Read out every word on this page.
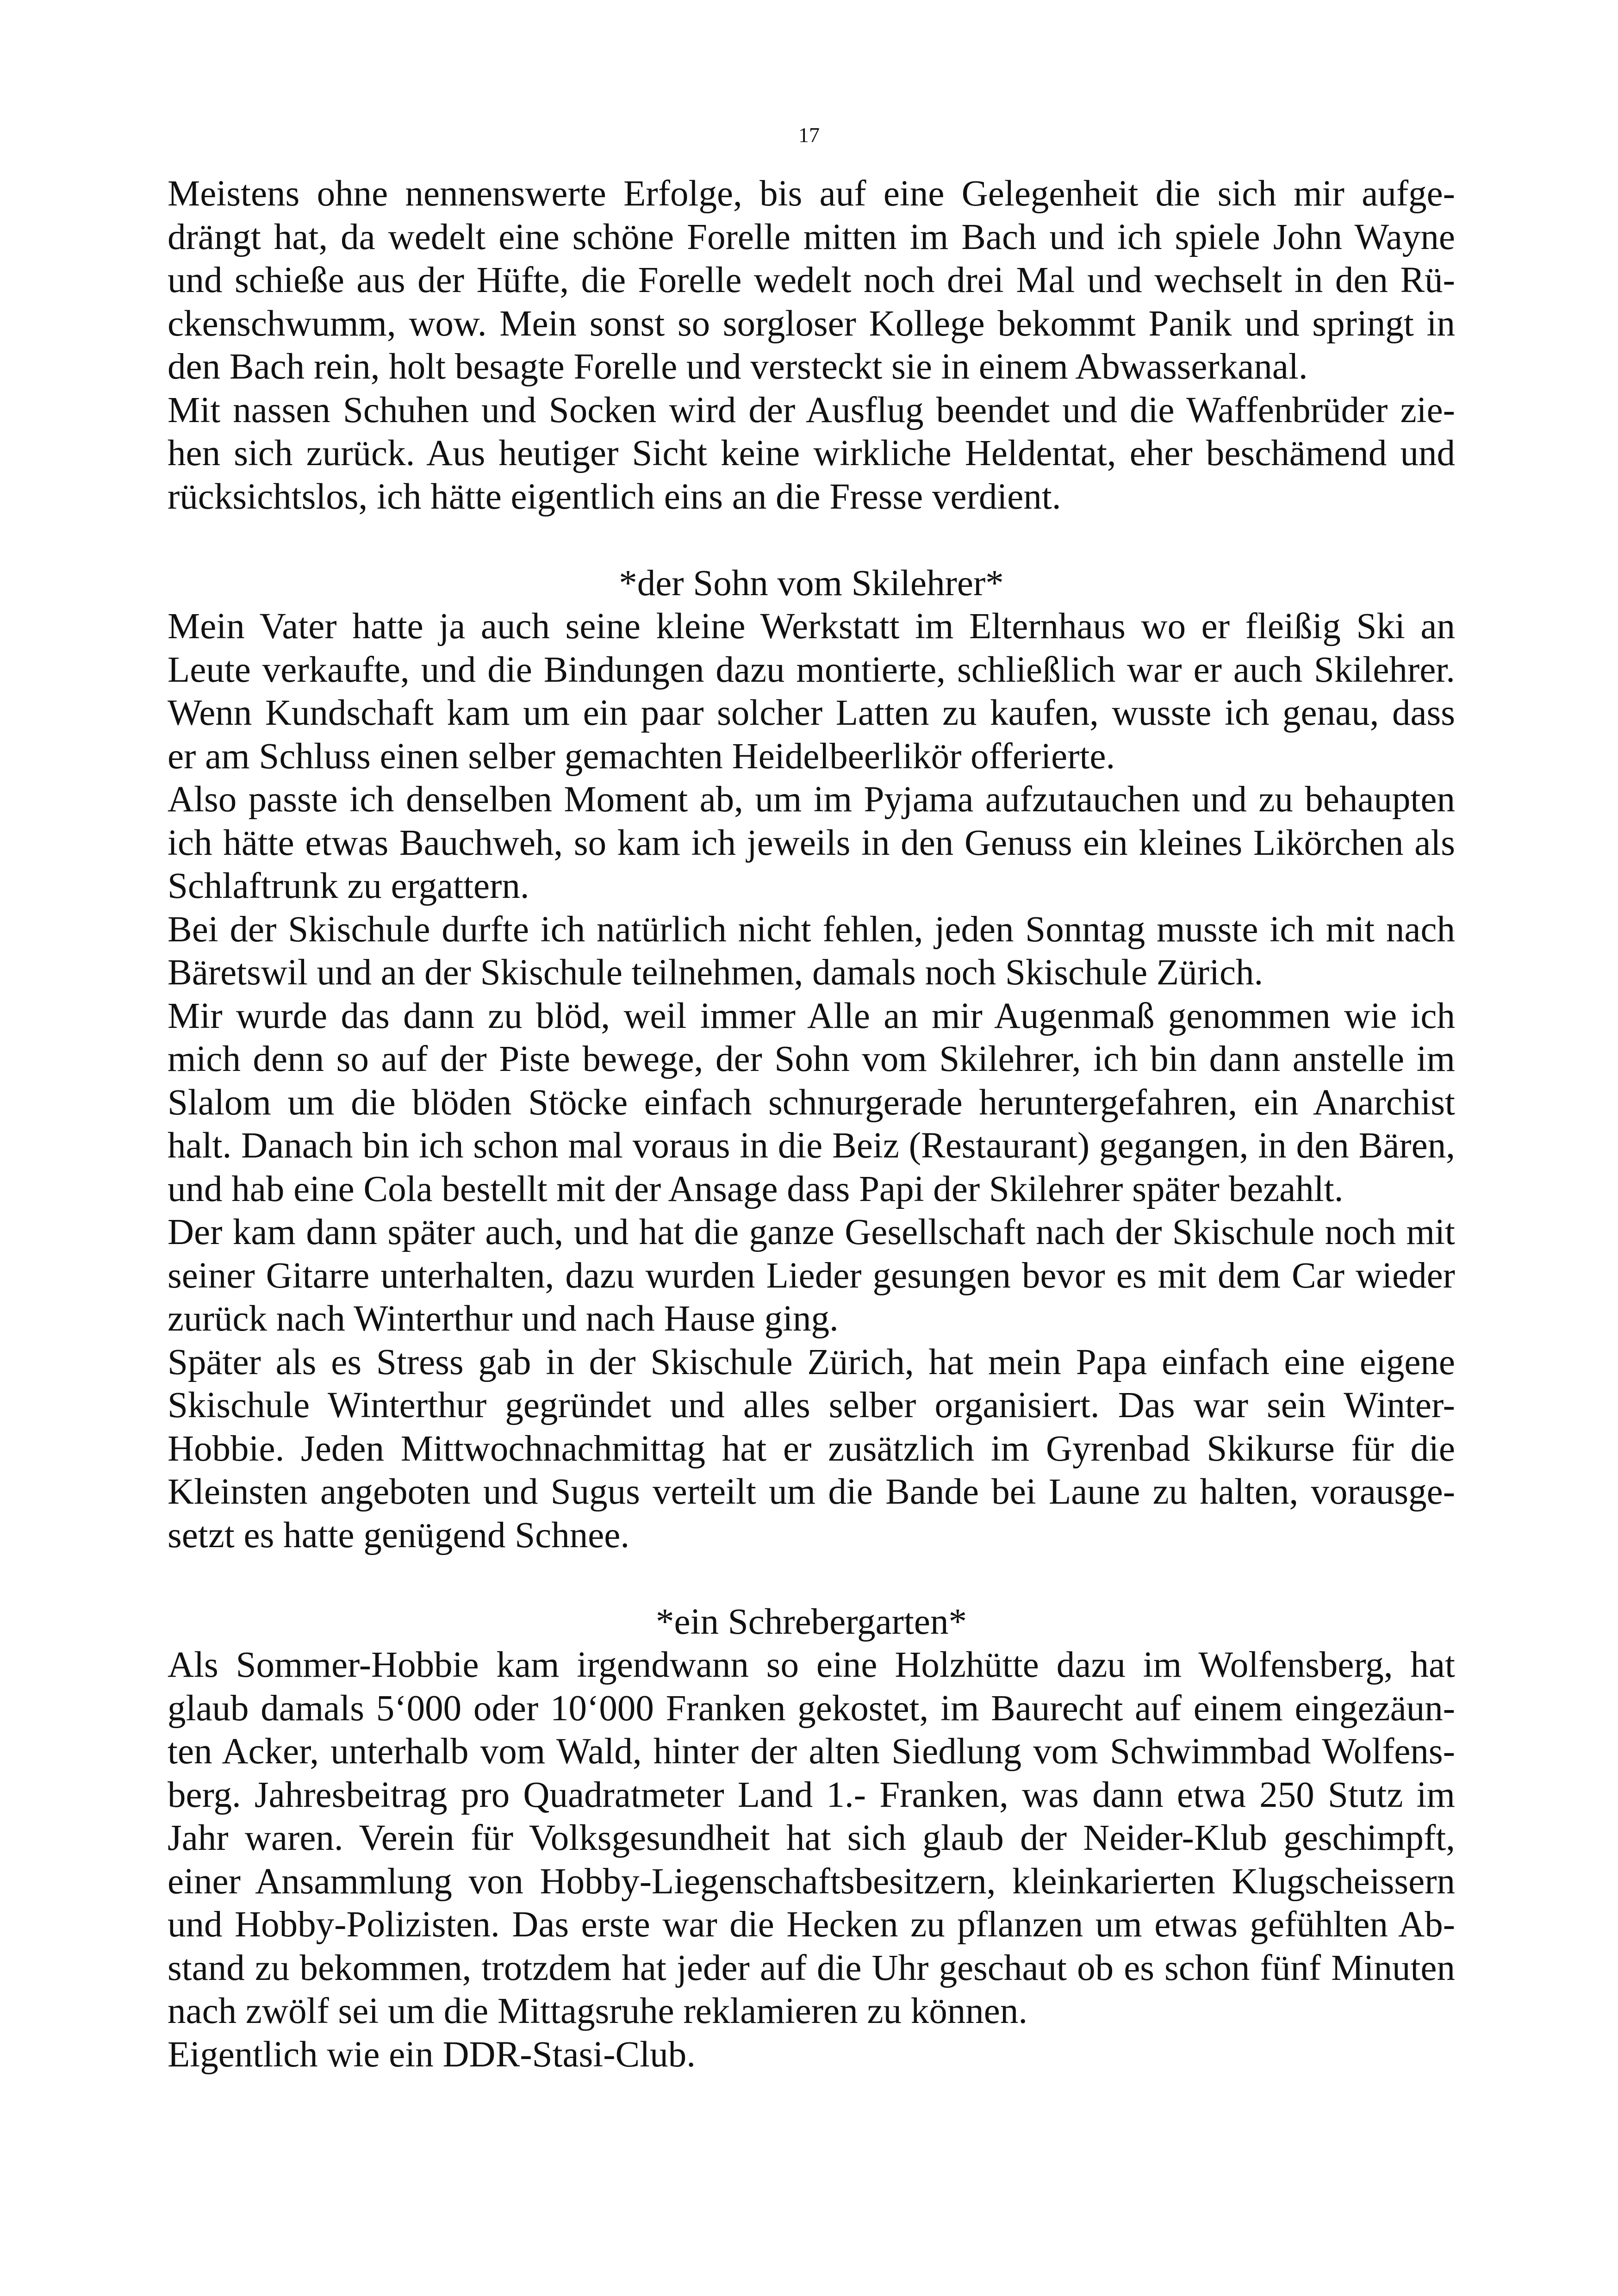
17
Meistens ohne nennenswerte Erfolge, bis auf eine Gelegenheit die sich mir aufge-
drängt hat, da wedelt eine schöne Forelle mitten im Bach und ich spiele John Wayne
und schieße aus der Hüfte, die Forelle wedelt noch drei Mal und wechselt in den Rü-
ckenschwumm, wow. Mein sonst so sorgloser Kollege bekommt Panik und springt in
den Bach rein, holt besagte Forelle und versteckt sie in einem Abwasserkanal.
Mit nassen Schuhen und Socken wird der Ausflug beendet und die Waffenbrüder zie-
hen sich zurück. Aus heutiger Sicht keine wirkliche Heldentat, eher beschämend und
rücksichtslos, ich hätte eigentlich eins an die Fresse verdient.
*der Sohn vom Skilehrer*
Mein Vater hatte ja auch seine kleine Werkstatt im Elternhaus wo er fleißig Ski an
Leute verkaufte, und die Bindungen dazu montierte, schließlich war er auch Skilehrer.
Wenn Kundschaft kam um ein paar solcher Latten zu kaufen, wusste ich genau, dass
er am Schluss einen selber gemachten Heidelbeerlikör offerierte.
Also passte ich denselben Moment ab, um im Pyjama aufzutauchen und zu behaupten
ich hätte etwas Bauchweh, so kam ich jeweils in den Genuss ein kleines Likörchen als
Schlaftrunk zu ergattern.
Bei der Skischule durfte ich natürlich nicht fehlen, jeden Sonntag musste ich mit nach
Bäretswil und an der Skischule teilnehmen, damals noch Skischule Zürich.
Mir wurde das dann zu blöd, weil immer Alle an mir Augenmaß genommen wie ich
mich denn so auf der Piste bewege, der Sohn vom Skilehrer, ich bin dann anstelle im
Slalom um die blöden Stöcke einfach schnurgerade heruntergefahren, ein Anarchist
halt. Danach bin ich schon mal voraus in die Beiz (Restaurant) gegangen, in den Bären,
und hab eine Cola bestellt mit der Ansage dass Papi der Skilehrer später bezahlt.
Der kam dann später auch, und hat die ganze Gesellschaft nach der Skischule noch mit
seiner Gitarre unterhalten, dazu wurden Lieder gesungen bevor es mit dem Car wieder
zurück nach Winterthur und nach Hause ging.
Später als es Stress gab in der Skischule Zürich, hat mein Papa einfach eine eigene
Skischule Winterthur gegründet und alles selber organisiert. Das war sein Winter-
Hobbie. Jeden Mittwochnachmittag hat er zusätzlich im Gyrenbad Skikurse für die
Kleinsten angeboten und Sugus verteilt um die Bande bei Laune zu halten, vorausge-
setzt es hatte genügend Schnee.
*ein Schrebergarten*
Als Sommer-Hobbie kam irgendwann so eine Holzhütte dazu im Wolfensberg, hat
glaub damals 5‘000 oder 10‘000 Franken gekostet, im Baurecht auf einem eingezäun-
ten Acker, unterhalb vom Wald, hinter der alten Siedlung vom Schwimmbad Wolfens-
berg. Jahresbeitrag pro Quadratmeter Land 1.- Franken, was dann etwa 250 Stutz im
Jahr waren. Verein für Volksgesundheit hat sich glaub der Neider-Klub geschimpft,
einer Ansammlung von Hobby-Liegenschaftsbesitzern, kleinkarierten Klugscheissern
und Hobby-Polizisten. Das erste war die Hecken zu pflanzen um etwas gefühlten Ab-
stand zu bekommen, trotzdem hat jeder auf die Uhr geschaut ob es schon fünf Minuten
nach zwölf sei um die Mittagsruhe reklamieren zu können.
Eigentlich wie ein DDR-Stasi-Club.
